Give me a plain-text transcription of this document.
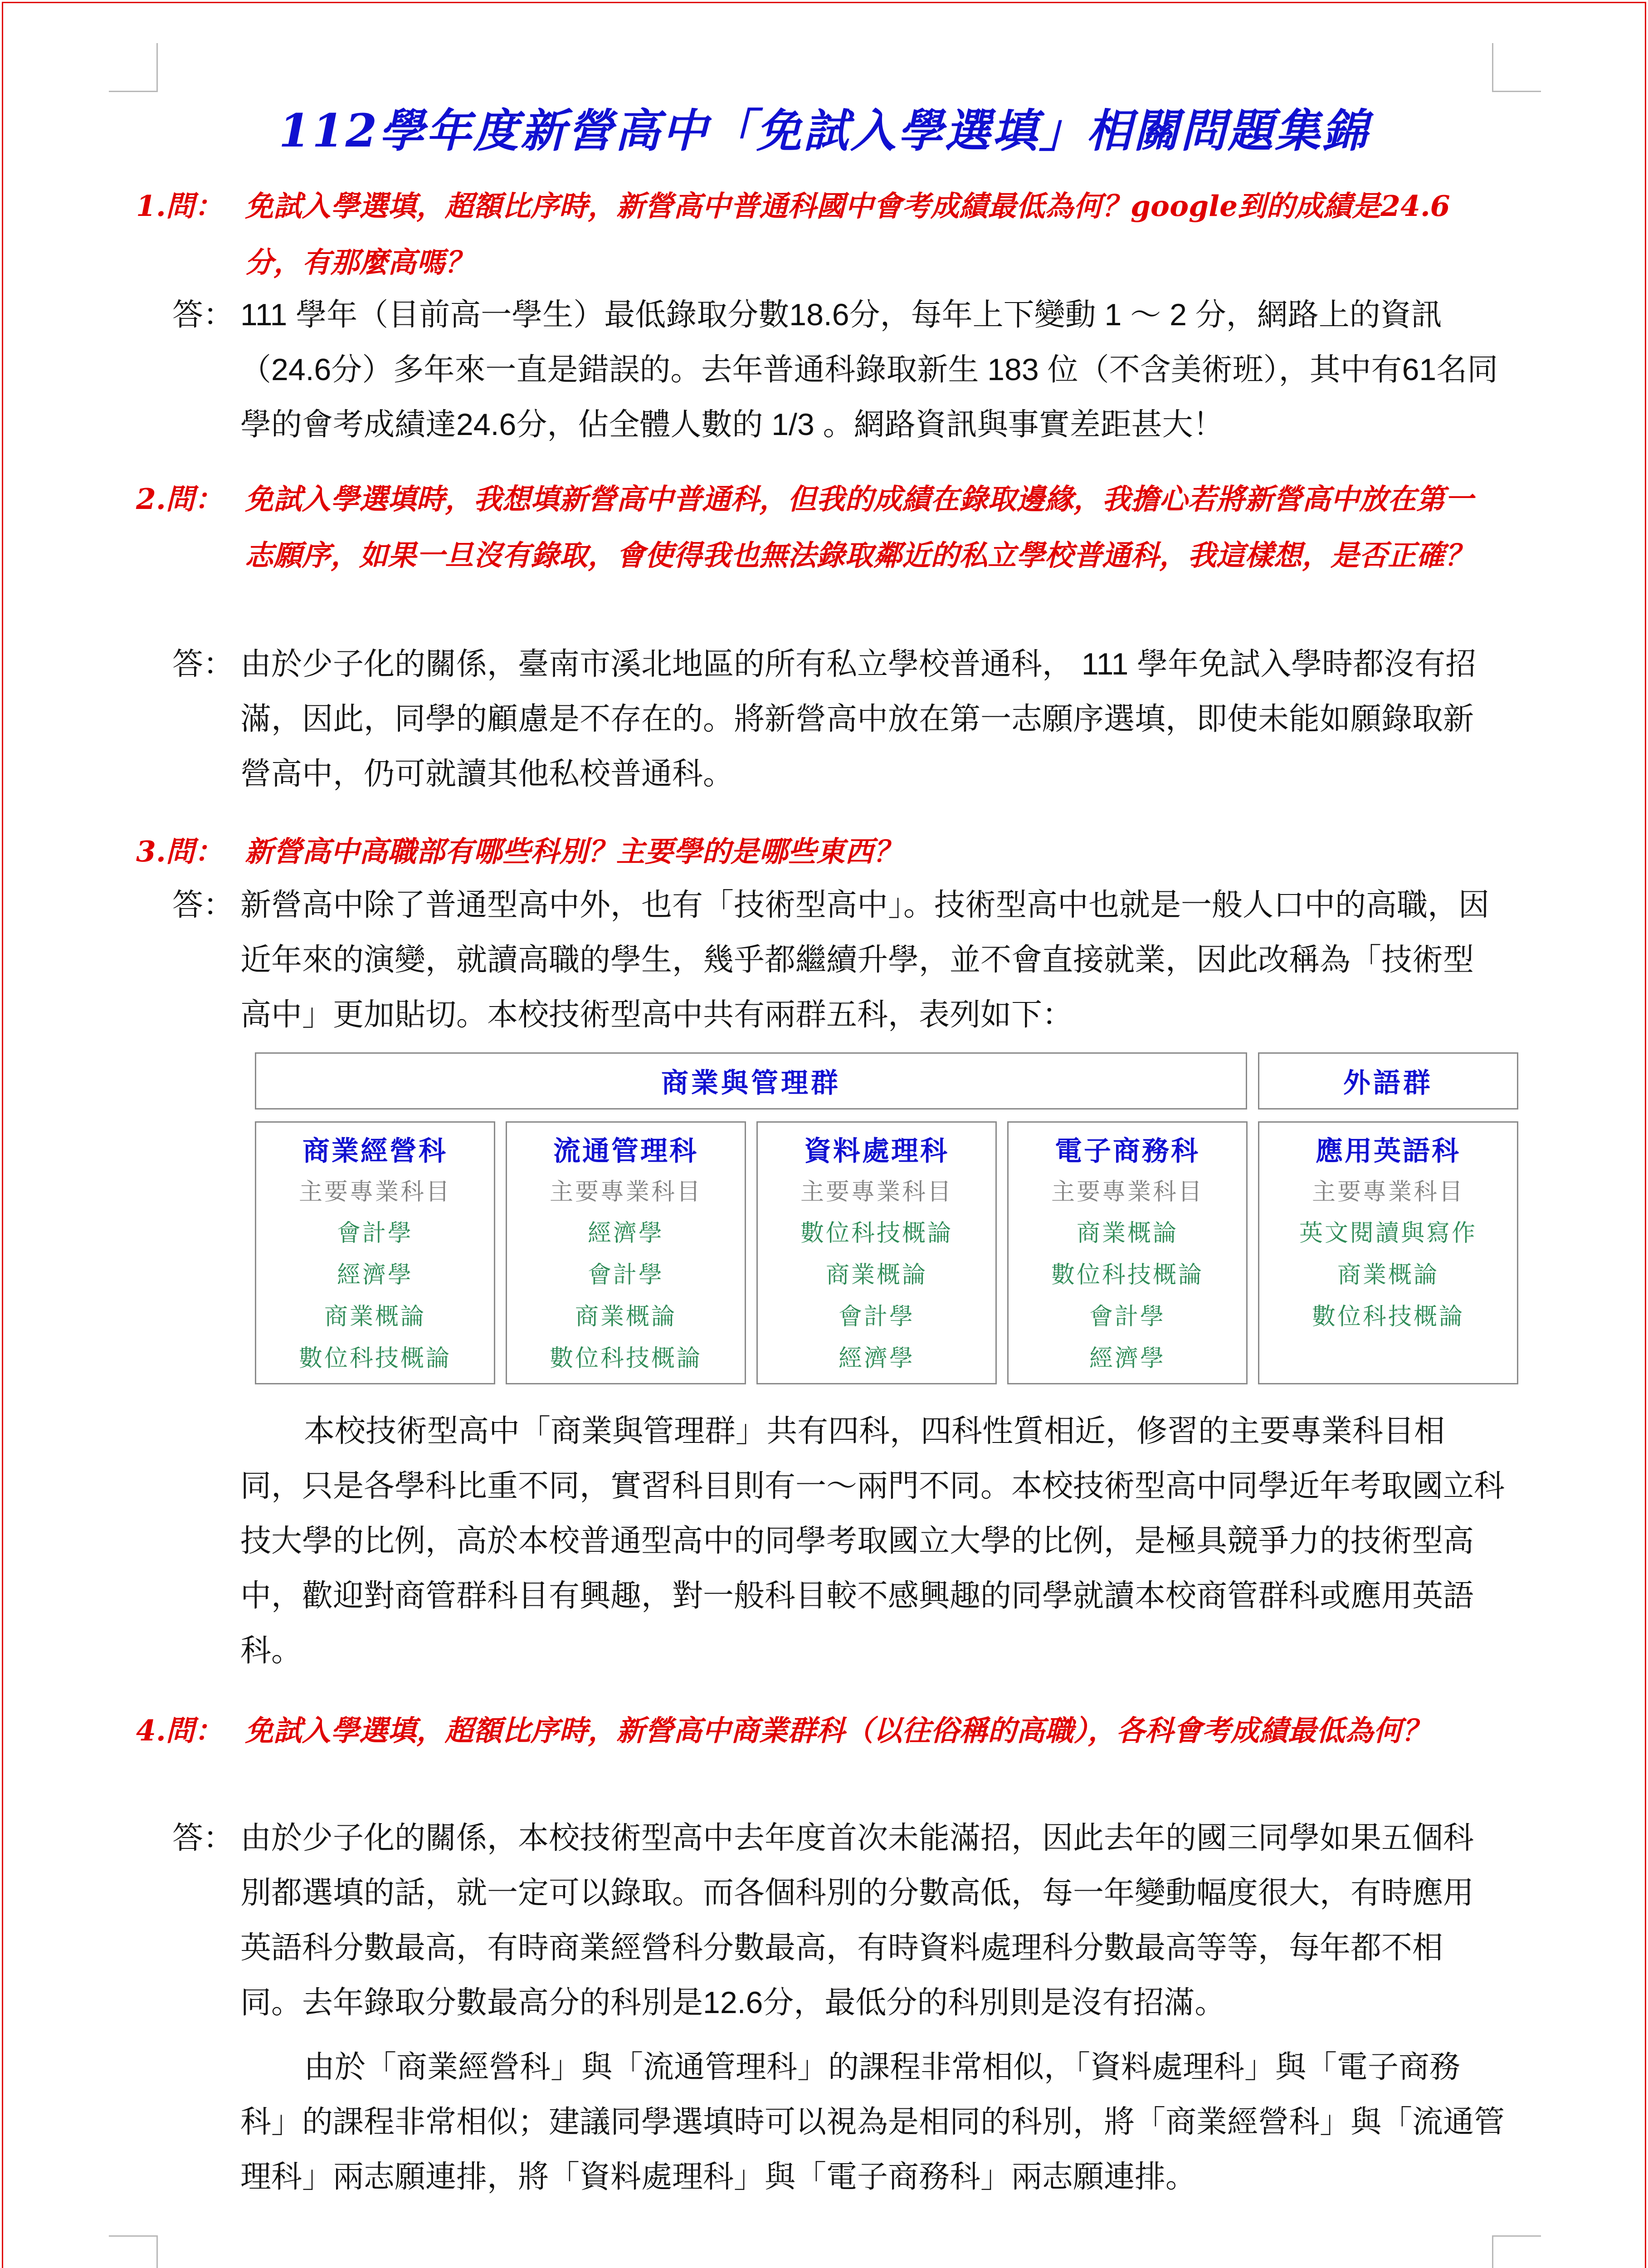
112學年度新營高中「免試入學選填」相關問題集錦
1.問： 免試入學選填，超額比序時，新營高中普通科國中會考成績最低為何？google到的成績是24.6分，有那麼高嗎？
答： 111 學年（目前高一學生）最低錄取分數18.6分，每年上下變動 1 ～ 2 分，網路上的資訊（24.6分）多年來一直是錯誤的。去年普通科錄取新生 183 位（不含美術班），其中有61名同學的會考成績達24.6分，佔全體人數的 1/3 。網路資訊與事實差距甚大！
2.問： 免試入學選填時，我想填新營高中普通科，但我的成績在錄取邊緣，我擔心若將新營高中放在第一志願序，如果一旦沒有錄取，會使得我也無法錄取鄰近的私立學校普通科，我這樣想，是否正確？
答： 由於少子化的關係，臺南市溪北地區的所有私立學校普通科， 111 學年免試入學時都沒有招滿，因此，同學的顧慮是不存在的。將新營高中放在第一志願序選填，即使未能如願錄取新營高中，仍可就讀其他私校普通科。
3.問： 新營高中高職部有哪些科別？主要學的是哪些東西？
答： 新營高中除了普通型高中外，也有「技術型高中」。技術型高中也就是一般人口中的高職，因近年來的演變，就讀高職的學生，幾乎都繼續升學，並不會直接就業，因此改稱為「技術型高中」更加貼切。本校技術型高中共有兩群五科，表列如下：
商業與管理群	外語群
商業經營科
主要專業科目
會計學
經濟學
商業概論
數位科技概論
流通管理科
主要專業科目
經濟學
會計學
商業概論
數位科技概論
資料處理科
主要專業科目
數位科技概論
商業概論
會計學
經濟學
電子商務科
主要專業科目
商業概論
數位科技概論
會計學
經濟學
應用英語科
主要專業科目
英文閱讀與寫作
商業概論
數位科技概論
本校技術型高中「商業與管理群」共有四科，四科性質相近，修習的主要專業科目相同，只是各學科比重不同，實習科目則有一～兩門不同。本校技術型高中同學近年考取國立科技大學的比例，高於本校普通型高中的同學考取國立大學的比例，是極具競爭力的技術型高中，歡迎對商管群科目有興趣，對一般科目較不感興趣的同學就讀本校商管群科或應用英語科。
4.問： 免試入學選填，超額比序時，新營高中商業群科（以往俗稱的高職），各科會考成績最低為何？
答： 由於少子化的關係，本校技術型高中去年度首次未能滿招，因此去年的國三同學如果五個科別都選填的話，就一定可以錄取。而各個科別的分數高低，每一年變動幅度很大，有時應用英語科分數最高，有時商業經營科分數最高，有時資料處理科分數最高等等，每年都不相同。去年錄取分數最高分的科別是12.6分，最低分的科別則是沒有招滿。
由於「商業經營科」與「流通管理科」的課程非常相似，「資料處理科」與「電子商務科」的課程非常相似；建議同學選填時可以視為是相同的科別，將「商業經營科」與「流通管理科」兩志願連排，將「資料處理科」與「電子商務科」兩志願連排。
